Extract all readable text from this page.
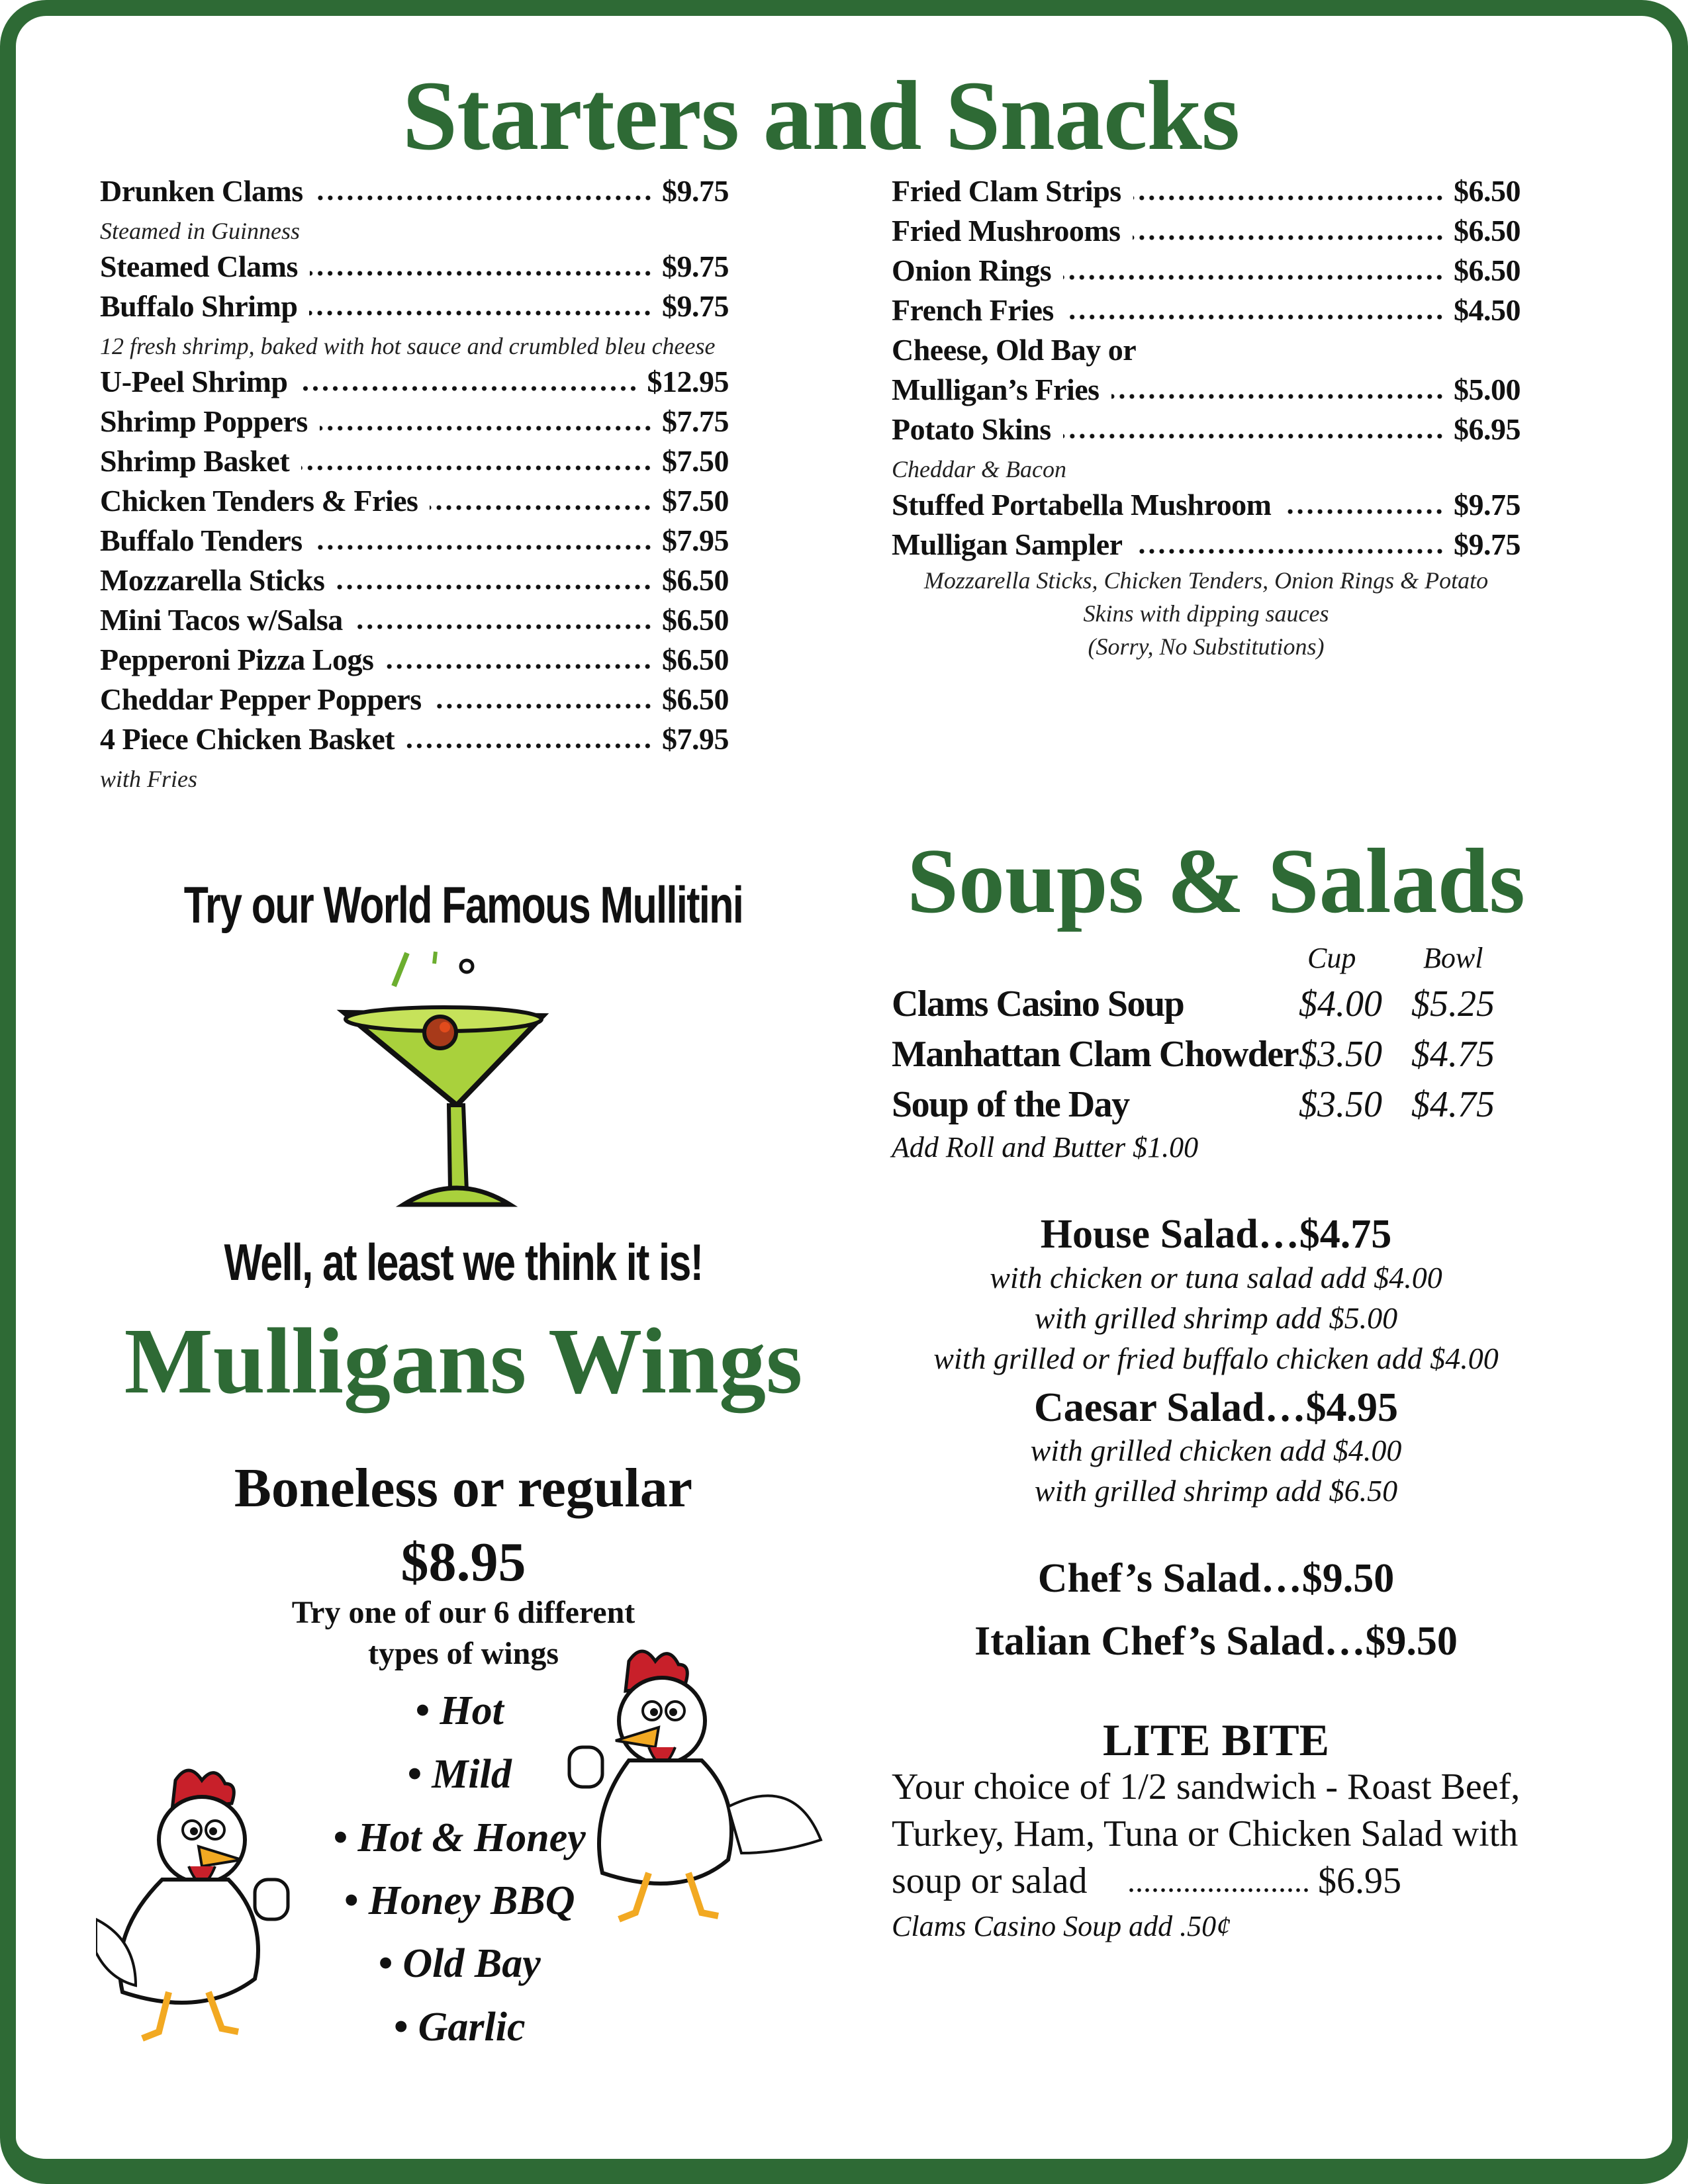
Starters and Snacks
Drunken Clams	$9.75
Steamed in Guinness
Steamed Clams	$9.75
Buffalo Shrimp	$9.75
12 fresh shrimp, baked with hot sauce and crumbled bleu cheese
U-Peel Shrimp	$12.95
Shrimp Poppers	$7.75
Shrimp Basket	$7.50
Chicken Tenders & Fries	$7.50
Buffalo Tenders	$7.95
Mozzarella Sticks	$6.50
Mini Tacos w/Salsa	$6.50
Pepperoni Pizza Logs	$6.50
Cheddar Pepper Poppers	$6.50
4 Piece Chicken Basket	$7.95
with Fries
Fried Clam Strips	$6.50
Fried Mushrooms	$6.50
Onion Rings	$6.50
French Fries	$4.50
Cheese, Old Bay or
Mulligan’s Fries	$5.00
Potato Skins	$6.95
Cheddar & Bacon
Stuffed Portabella Mushroom	$9.75
Mulligan Sampler	$9.75
Mozzarella Sticks, Chicken Tenders, Onion Rings & Potato
Skins with dipping sauces
(Sorry, No Substitutions)
Try our World Famous Mullitini
Well, at least we think it is!
Mulligans Wings
Boneless or regular
$8.95
Try one of our 6 different
types of wings
• Hot
• Mild
• Hot & Honey
• Honey BBQ
• Old Bay
• Garlic
Soups & Salads
Cup Bowl
Clams Casino Soup	$4.00 $5.25
Manhattan Clam Chowder $3.50 $4.75
Soup of the Day	$3.50 $4.75
Add Roll and Butter $1.00
House Salad…$4.75
with chicken or tuna salad add $4.00
with grilled shrimp add $5.00
with grilled or fried buffalo chicken add $4.00
Caesar Salad…$4.95
with grilled chicken add $4.00
with grilled shrimp add $6.50
Chef’s Salad…$9.50
Italian Chef’s Salad…$9.50
LITE BITE
Your choice of 1/2 sandwich - Roast Beef,
Turkey, Ham, Tuna or Chicken Salad with
soup or salad	$6.95
Clams Casino Soup add .50¢
